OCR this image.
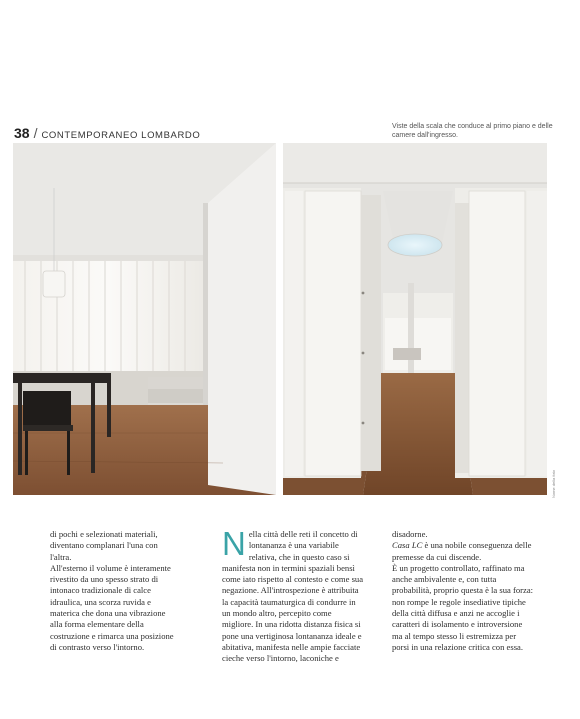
38 / CONTEMPORANEO LOMBARDO
Viste della scala che conduce al primo piano e delle camere dall'ingresso.
Nome della foto

di pochi e selezionati materiali, diventano complanari l'una con l'altra.

All'esterno il volume è interamente rivestito da uno spesso strato di intonaco tradizionale di calce idraulica, una scorza ruvida e materica che dona una vibrazione alla forma elementare della costruzione e rimarca una posizione di contrasto verso l'intorno.

N ella città delle reti il concetto di lontananza è una variabile relativa, che in questo caso si manifesta non in termini spaziali bensì come iato rispetto al contesto e come sua negazione. All'introspezione è attribuita la capacità taumaturgica di condurre in un mondo altro, percepito come migliore. In una ridotta distanza fisica si pone una vertiginosa lontananza ideale e abitativa, manifesta nelle ampie facciate cieche verso l'intorno, laconiche e

disadorne.

Casa LC è una nobile conseguenza delle premesse da cui discende.

È un progetto controllato, raffinato ma anche ambivalente e, con tutta probabilità, proprio questa è la sua forza: non rompe le regole insediative tipiche della città diffusa e anzi ne accoglie i caratteri di isolamento e introversione ma al tempo stesso li estremizza per porsi in una relazione critica con essa.
